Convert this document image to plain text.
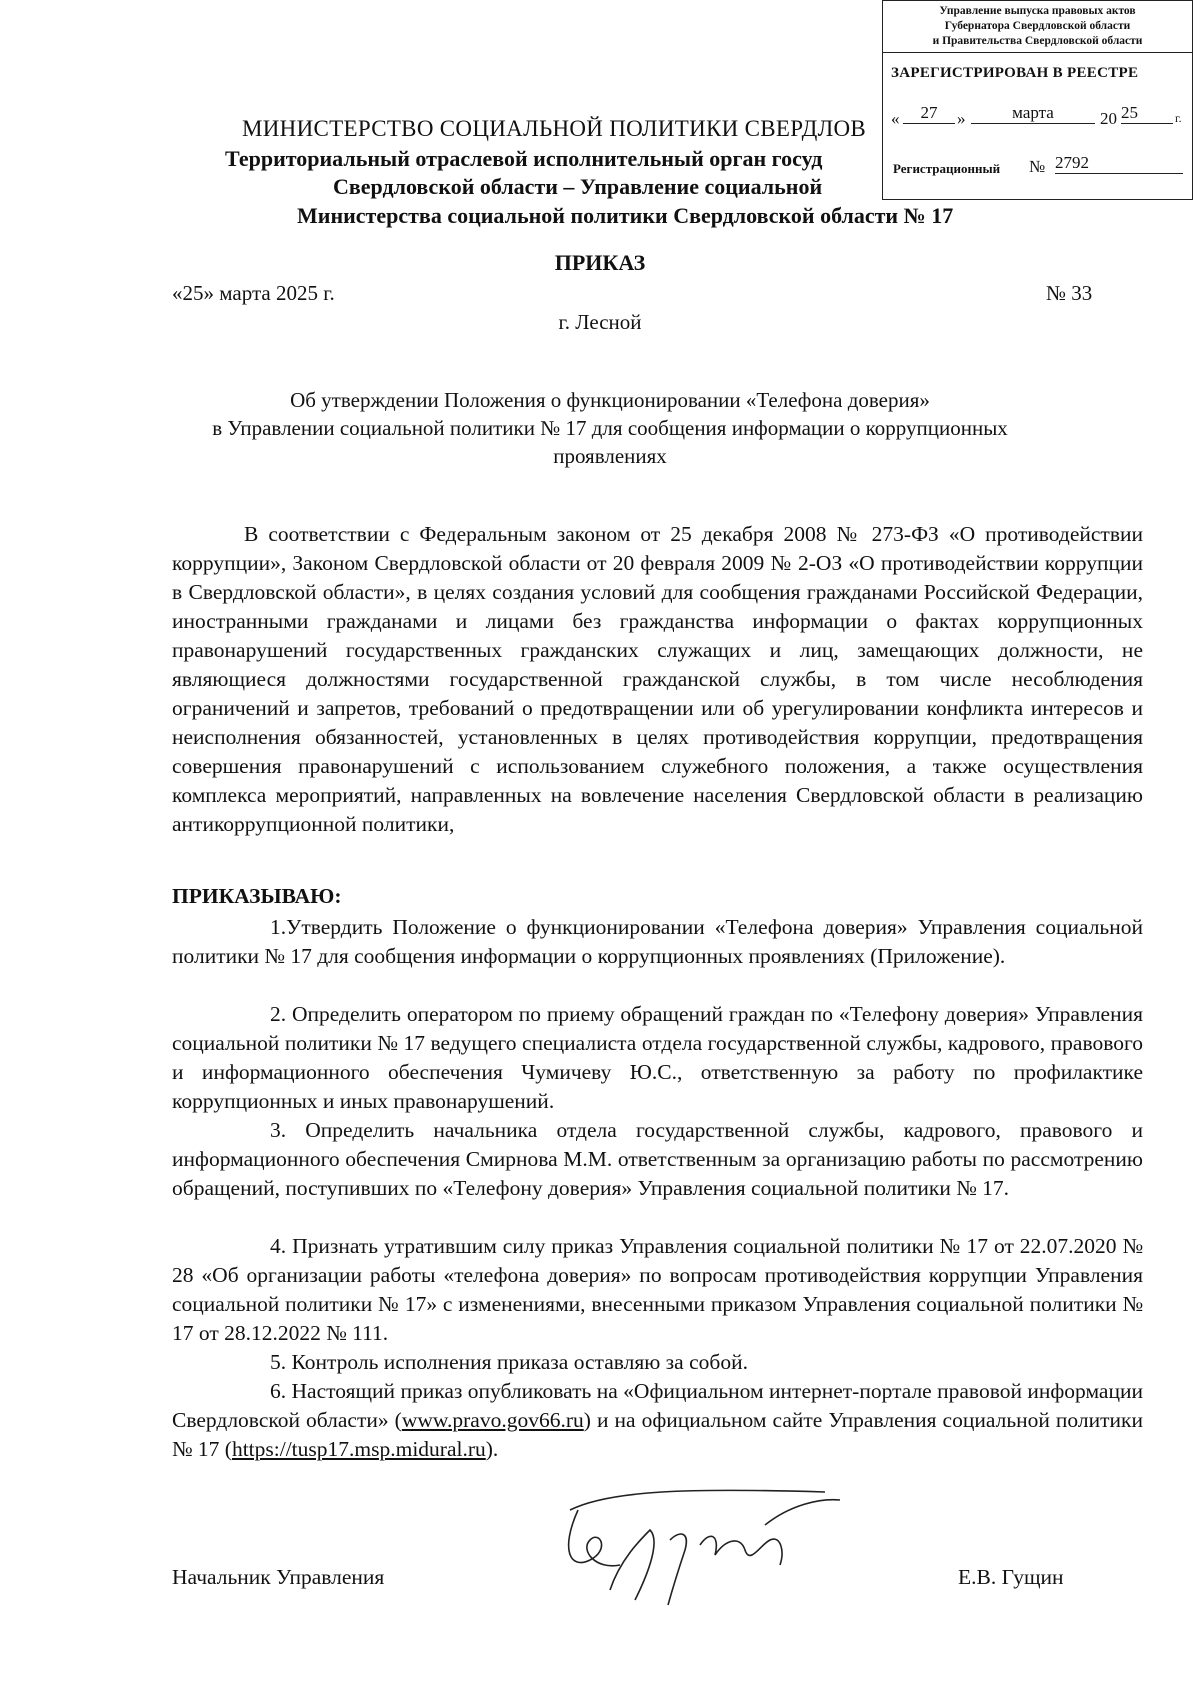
Управление выпуска правовых актов
Губернатора Свердловской области
и Правительства Свердловской области
ЗАРЕГИСТРИРОВАН В РЕЕСТРЕ
«	27	»	марта	20 25	г.
Регистрационный № 2792
МИНИСТЕРСТВО СОЦИАЛЬНОЙ ПОЛИТИКИ СВЕРДЛОВ
Территориальный отраслевой исполнительный орган госуд
Свердловской области – Управление социальной
Министерства социальной политики Свердловской области № 17
ПРИКАЗ
«25» марта 2025 г.	№ 33
г. Лесной
Об утверждении Положения о функционировании «Телефона доверия»
в Управлении социальной политики № 17 для сообщения информации о коррупционных
проявлениях
В соответствии с Федеральным законом от 25 декабря 2008 № 273-ФЗ «О противодействии коррупции», Законом Свердловской области от 20 февраля 2009 № 2-ОЗ «О противодействии коррупции в Свердловской области», в целях создания условий для сообщения гражданами Российской Федерации, иностранными гражданами и лицами без гражданства информации о фактах коррупционных правонарушений государственных гражданских служащих и лиц, замещающих должности, не являющиеся должностями государственной гражданской службы, в том числе несоблюдения ограничений и запретов, требований о предотвращении или об урегулировании конфликта интересов и неисполнения обязанностей, установленных в целях противодействия коррупции, предотвращения совершения правонарушений с использованием служебного положения, а также осуществления комплекса мероприятий, направленных на вовлечение населения Свердловской области в реализацию антикоррупционной политики,
ПРИКАЗЫВАЮ:
1.Утвердить Положение о функционировании «Телефона доверия» Управления социальной политики № 17 для сообщения информации о коррупционных проявлениях (Приложение).
2. Определить оператором по приему обращений граждан по «Телефону доверия» Управления социальной политики № 17 ведущего специалиста отдела государственной службы, кадрового, правового и информационного обеспечения Чумичеву Ю.С., ответственную за работу по профилактике коррупционных и иных правонарушений.
3. Определить начальника отдела государственной службы, кадрового, правового и информационного обеспечения Смирнова М.М. ответственным за организацию работы по рассмотрению обращений, поступивших по «Телефону доверия» Управления социальной политики № 17.
4. Признать утратившим силу приказ Управления социальной политики № 17 от 22.07.2020 № 28 «Об организации работы «телефона доверия» по вопросам противодействия коррупции Управления социальной политики № 17» с изменениями, внесенными приказом Управления социальной политики № 17 от 28.12.2022 № 111.
5. Контроль исполнения приказа оставляю за собой.
6. Настоящий приказ опубликовать на «Официальном интернет-портале правовой информации Свердловской области» (www.pravo.gov66.ru) и на официальном сайте Управления социальной политики № 17 (https://tusp17.msp.midural.ru).
Начальник Управления	Е.В. Гущин
